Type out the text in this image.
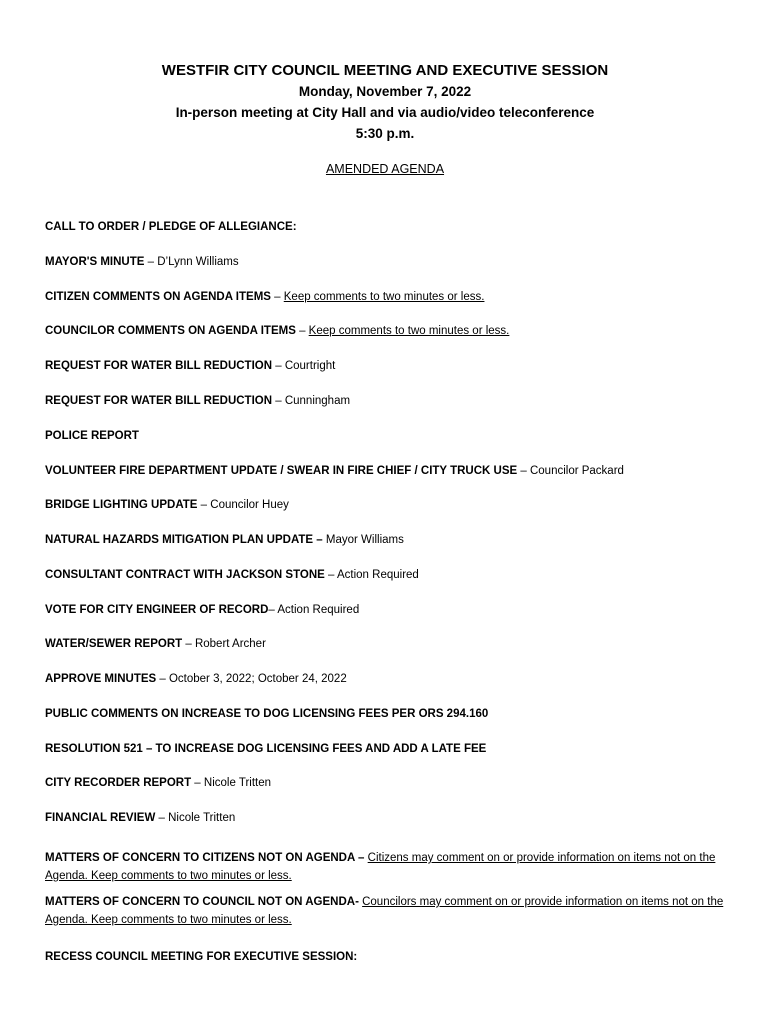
WESTFIR CITY COUNCIL MEETING AND EXECUTIVE SESSION
Monday, November 7, 2022
In-person meeting at City Hall and via audio/video teleconference
5:30 p.m.
AMENDED AGENDA
CALL TO ORDER / PLEDGE OF ALLEGIANCE:
MAYOR'S MINUTE – D’Lynn Williams
CITIZEN COMMENTS ON AGENDA ITEMS – Keep comments to two minutes or less.
COUNCILOR COMMENTS ON AGENDA ITEMS – Keep comments to two minutes or less.
REQUEST FOR WATER BILL REDUCTION – Courtright
REQUEST FOR WATER BILL REDUCTION – Cunningham
POLICE REPORT
VOLUNTEER FIRE DEPARTMENT UPDATE / SWEAR IN FIRE CHIEF / CITY TRUCK USE – Councilor Packard
BRIDGE LIGHTING UPDATE – Councilor Huey
NATURAL HAZARDS MITIGATION PLAN UPDATE – Mayor Williams
CONSULTANT CONTRACT WITH JACKSON STONE – Action Required
VOTE FOR CITY ENGINEER OF RECORD– Action Required
WATER/SEWER REPORT – Robert Archer
APPROVE MINUTES – October 3, 2022; October 24, 2022
PUBLIC COMMENTS ON INCREASE TO DOG LICENSING FEES PER ORS 294.160
RESOLUTION 521 – TO INCREASE DOG LICENSING FEES AND ADD A LATE FEE
CITY RECORDER REPORT – Nicole Tritten
FINANCIAL REVIEW – Nicole Tritten
MATTERS OF CONCERN TO CITIZENS NOT ON AGENDA – Citizens may comment on or provide information on items not on the Agenda. Keep comments to two minutes or less.
MATTERS OF CONCERN TO COUNCIL NOT ON AGENDA- Councilors may comment on or provide information on items not on the Agenda. Keep comments to two minutes or less.
RECESS COUNCIL MEETING FOR EXECUTIVE SESSION:
